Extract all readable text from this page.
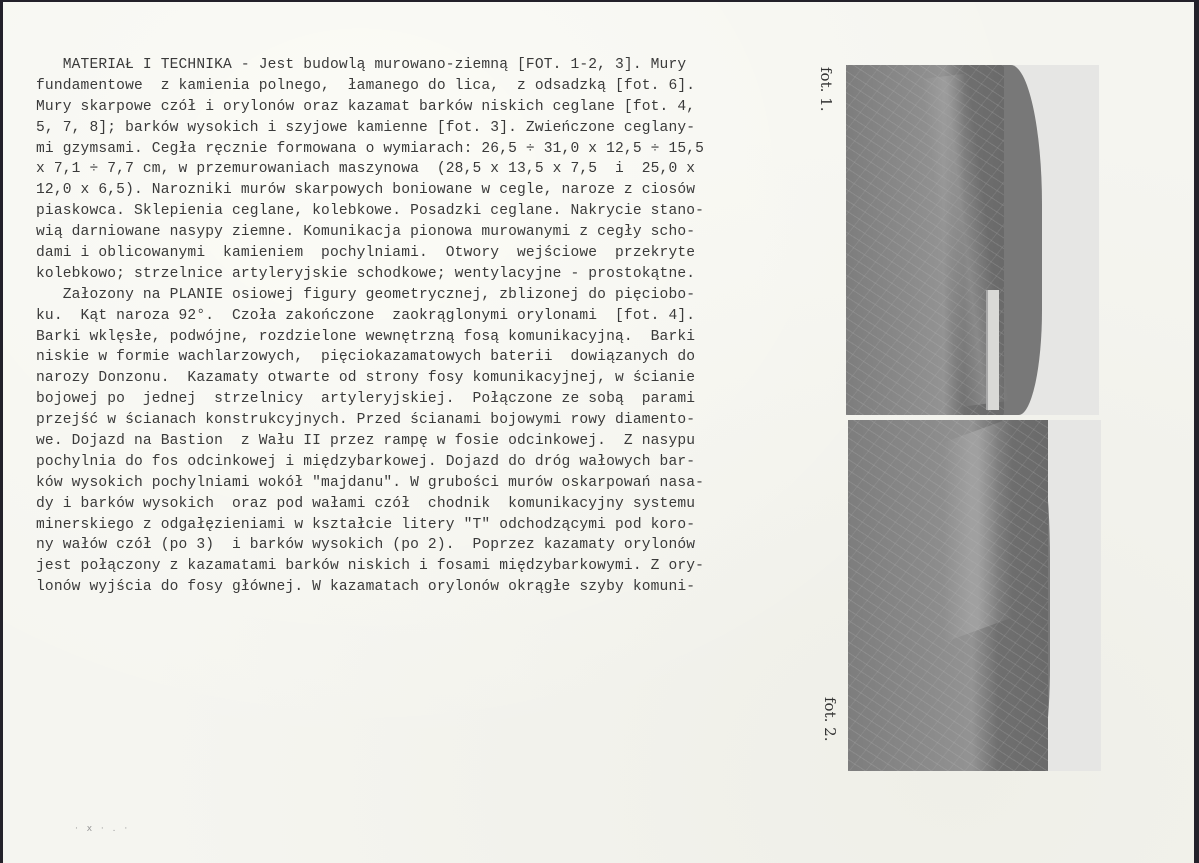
MATERIAŁ I TECHNIKA - Jest budowlą murowano-ziemną [FOT. 1-2, 3]. Mury
fundamentowe  z kamienia polnego,  łamanego do lica,  z odsadzką [fot. 6].
Mury skarpowe czół i orylonów oraz kazamat barków niskich ceglane [fot. 4,
5, 7, 8]; barków wysokich i szyjowe kamienne [fot. 3]. Zwieńczone ceglany-
mi gzymsami. Cegła ręcznie formowana o wymiarach: 26,5 ÷ 31,0 x 12,5 ÷ 15,5
x 7,1 ÷ 7,7 cm, w przemurowaniach maszynowa  (28,5 x 13,5 x 7,5  i  25,0 x
12,0 x 6,5). Narozniki murów skarpowych boniowane w cegle, naroze z ciosów
piaskowca. Sklepienia ceglane, kolebkowe. Posadzki ceglane. Nakrycie stano-
wią darniowane nasypy ziemne. Komunikacja pionowa murowanymi z cegły scho-
dami i oblicowanymi  kamieniem  pochylniami.  Otwory  wejściowe  przekryte
kolebkowo; strzelnice artyleryjskie schodkowe; wentylacyjne - prostokątne.
Załozony na PLANIE osiowej figury geometrycznej, zblizonej do pięciobo-
ku.  Kąt naroza 92°.  Czoła zakończone  zaokrąglonymi orylonami  [fot. 4].
Barki wklęsłe, podwójne, rozdzielone wewnętrzną fosą komunikacyjną.  Barki
niskie w formie wachlarzowych,  pięciokazamatowych baterii  dowiązanych do
narozy Donzonu.  Kazamaty otwarte od strony fosy komunikacyjnej, w ścianie
bojowej po  jednej  strzelnicy  artyleryjskiej.  Połączone ze sobą  parami
przejść w ścianach konstrukcyjnych. Przed ścianami bojowymi rowy diamento-
we. Dojazd na Bastion  z Wału II przez rampę w fosie odcinkowej.  Z nasypu
pochylnia do fos odcinkowej i międzybarkowej. Dojazd do dróg wałowych bar-
ków wysokich pochylniami wokół "majdanu". W grubości murów oskarpowań nasa-
dy i barków wysokich  oraz pod wałami czół  chodnik  komunikacyjny systemu
minerskiego z odgałęzieniami w kształcie litery "T" odchodzącymi pod koro-
ny wałów czół (po 3)  i barków wysokich (po 2).  Poprzez kazamaty orylonów
jest połączony z kazamatami barków niskich i fosami międzybarkowymi. Z ory-
lonów wyjścia do fosy głównej. W kazamatach orylonów okrągłe szyby komuni-
fot. 1.
fot. 2.
· x · . ·
